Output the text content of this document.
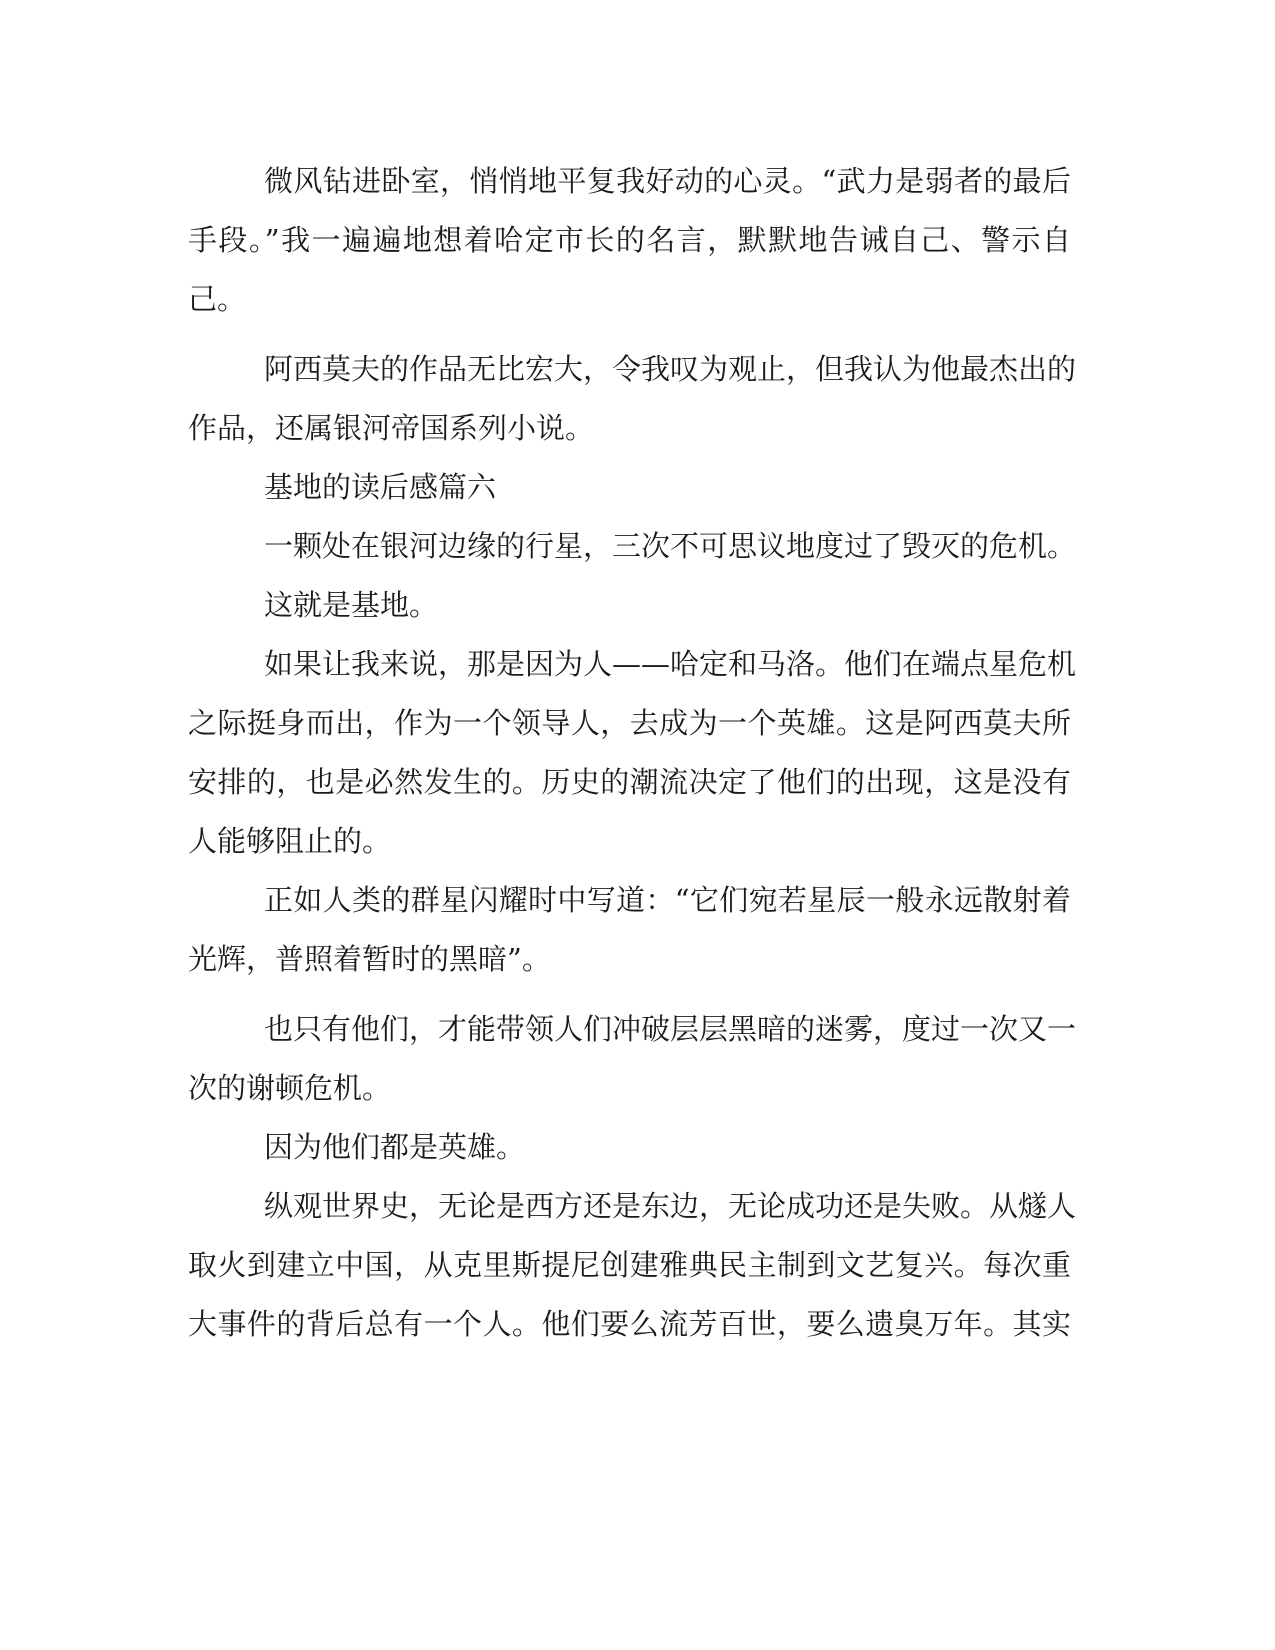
微风钻进卧室，悄悄地平复我好动的心灵。“武力是弱者的最后

手段。”我一遍遍地想着哈定市长的名言，默默地告诫自己、警示自

己。

阿西莫夫的作品无比宏大，令我叹为观止，但我认为他最杰出的

作品，还属银河帝国系列小说。

基地的读后感篇六

一颗处在银河边缘的行星，三次不可思议地度过了毁灭的危机。

这就是基地。

如果让我来说，那是因为人——哈定和马洛。他们在端点星危机

之际挺身而出，作为一个领导人，去成为一个英雄。这是阿西莫夫所

安排的，也是必然发生的。历史的潮流决定了他们的出现，这是没有

人能够阻止的。

正如人类的群星闪耀时中写道：“它们宛若星辰一般永远散射着

光辉，普照着暂时的黑暗”。

也只有他们，才能带领人们冲破层层黑暗的迷雾，度过一次又一

次的谢顿危机。

因为他们都是英雄。

纵观世界史，无论是西方还是东边，无论成功还是失败。从燧人

取火到建立中国，从克里斯提尼创建雅典民主制到文艺复兴。每次重

大事件的背后总有一个人。他们要么流芳百世，要么遗臭万年。其实
